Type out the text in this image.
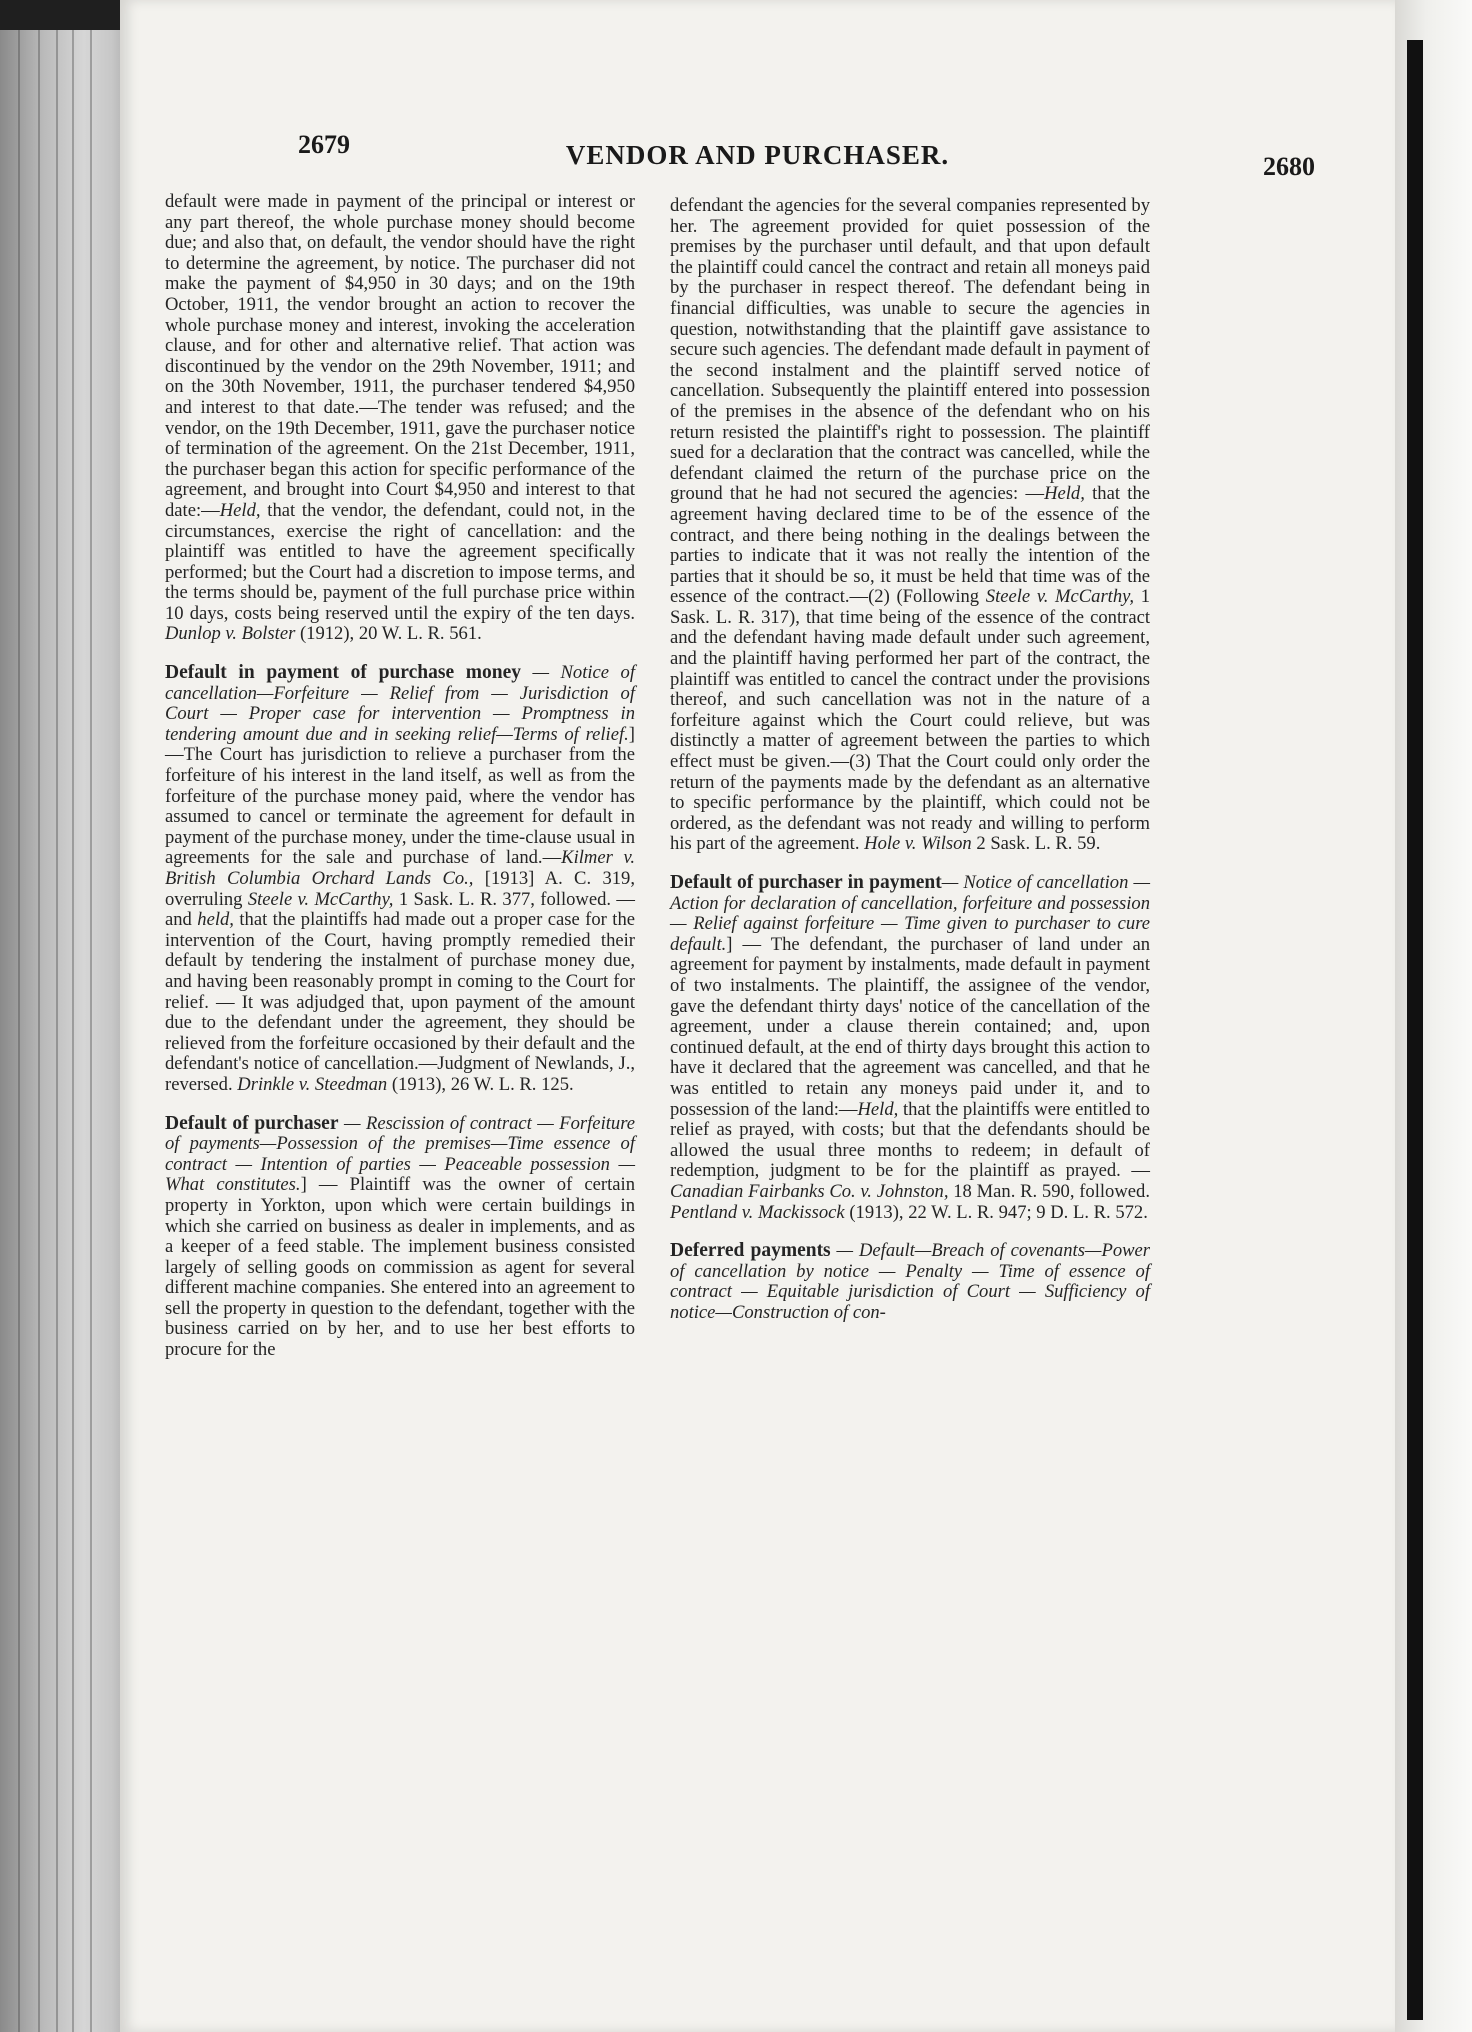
2679	VENDOR AND PURCHASER.	2680

default were made in payment of the principal or interest or any part thereof, the whole purchase money should become due; and also that, on default, the vendor should have the right to determine the agreement, by notice. The purchaser did not make the payment of $4,950 in 30 days; and on the 19th October, 1911, the vendor brought an action to recover the whole purchase money and interest, invoking the acceleration clause, and for other and alternative relief. That action was discontinued by the vendor on the 29th November, 1911; and on the 30th November, 1911, the purchaser tendered $4,950 and interest to that date.—The tender was refused; and the vendor, on the 19th December, 1911, gave the purchaser notice of termination of the agreement. On the 21st December, 1911, the purchaser began this action for specific performance of the agreement, and brought into Court $4,950 and interest to that date:—Held, that the vendor, the defendant, could not, in the circumstances, exercise the right of cancellation: and the plaintiff was entitled to have the agreement specifically performed; but the Court had a discretion to impose terms, and the terms should be, payment of the full purchase price within 10 days, costs being reserved until the expiry of the ten days. Dunlop v. Bolster (1912), 20 W. L. R. 561.

Default in payment of purchase money — Notice of cancellation—Forfeiture — Relief from — Jurisdiction of Court — Proper case for intervention — Promptness in tendering amount due and in seeking relief—Terms of relief.]—The Court has jurisdiction to relieve a purchaser from the forfeiture of his interest in the land itself, as well as from the forfeiture of the purchase money paid, where the vendor has assumed to cancel or terminate the agreement for default in payment of the purchase money, under the time-clause usual in agreements for the sale and purchase of land.—Kilmer v. British Columbia Orchard Lands Co., [1913] A. C. 319, overruling Steele v. McCarthy, 1 Sask. L. R. 377, followed. — and held, that the plaintiffs had made out a proper case for the intervention of the Court, having promptly remedied their default by tendering the instalment of purchase money due, and having been reasonably prompt in coming to the Court for relief. — It was adjudged that, upon payment of the amount due to the defendant under the agreement, they should be relieved from the forfeiture occasioned by their default and the defendant's notice of cancellation.—Judgment of Newlands, J., reversed. Drinkle v. Steedman (1913), 26 W. L. R. 125.

Default of purchaser — Rescission of contract — Forfeiture of payments—Possession of the premises—Time essence of contract — Intention of parties — Peaceable possession — What constitutes.] — Plaintiff was the owner of certain property in Yorkton, upon which were certain buildings in which she carried on business as dealer in implements, and as a keeper of a feed stable. The implement business consisted largely of selling goods on commission as agent for several different machine companies. She entered into an agreement to sell the property in question to the defendant, together with the business carried on by her, and to use her best efforts to procure for the

defendant the agencies for the several companies represented by her. The agreement provided for quiet possession of the premises by the purchaser until default, and that upon default the plaintiff could cancel the contract and retain all moneys paid by the purchaser in respect thereof. The defendant being in financial difficulties, was unable to secure the agencies in question, notwithstanding that the plaintiff gave assistance to secure such agencies. The defendant made default in payment of the second instalment and the plaintiff served notice of cancellation. Subsequently the plaintiff entered into possession of the premises in the absence of the defendant who on his return resisted the plaintiff's right to possession. The plaintiff sued for a declaration that the contract was cancelled, while the defendant claimed the return of the purchase price on the ground that he had not secured the agencies: —Held, that the agreement having declared time to be of the essence of the contract, and there being nothing in the dealings between the parties to indicate that it was not really the intention of the parties that it should be so, it must be held that time was of the essence of the contract.—(2) (Following Steele v. McCarthy, 1 Sask. L. R. 317), that time being of the essence of the contract and the defendant having made default under such agreement, and the plaintiff having performed her part of the contract, the plaintiff was entitled to cancel the contract under the provisions thereof, and such cancellation was not in the nature of a forfeiture against which the Court could relieve, but was distinctly a matter of agreement between the parties to which effect must be given.—(3) That the Court could only order the return of the payments made by the defendant as an alternative to specific performance by the plaintiff, which could not be ordered, as the defendant was not ready and willing to perform his part of the agreement. Hole v. Wilson 2 Sask. L. R. 59.

Default of purchaser in payment— Notice of cancellation — Action for declaration of cancellation, forfeiture and possession — Relief against forfeiture — Time given to purchaser to cure default.] — The defendant, the purchaser of land under an agreement for payment by instalments, made default in payment of two instalments. The plaintiff, the assignee of the vendor, gave the defendant thirty days' notice of the cancellation of the agreement, under a clause therein contained; and, upon continued default, at the end of thirty days brought this action to have it declared that the agreement was cancelled, and that he was entitled to retain any moneys paid under it, and to possession of the land:—Held, that the plaintiffs were entitled to relief as prayed, with costs; but that the defendants should be allowed the usual three months to redeem; in default of redemption, judgment to be for the plaintiff as prayed. — Canadian Fairbanks Co. v. Johnston, 18 Man. R. 590, followed. Pentland v. Mackissock (1913), 22 W. L. R. 947; 9 D. L. R. 572.

Deferred payments — Default—Breach of covenants—Power of cancellation by notice — Penalty — Time of essence of contract — Equitable jurisdiction of Court — Sufficiency of notice—Construction of con-
